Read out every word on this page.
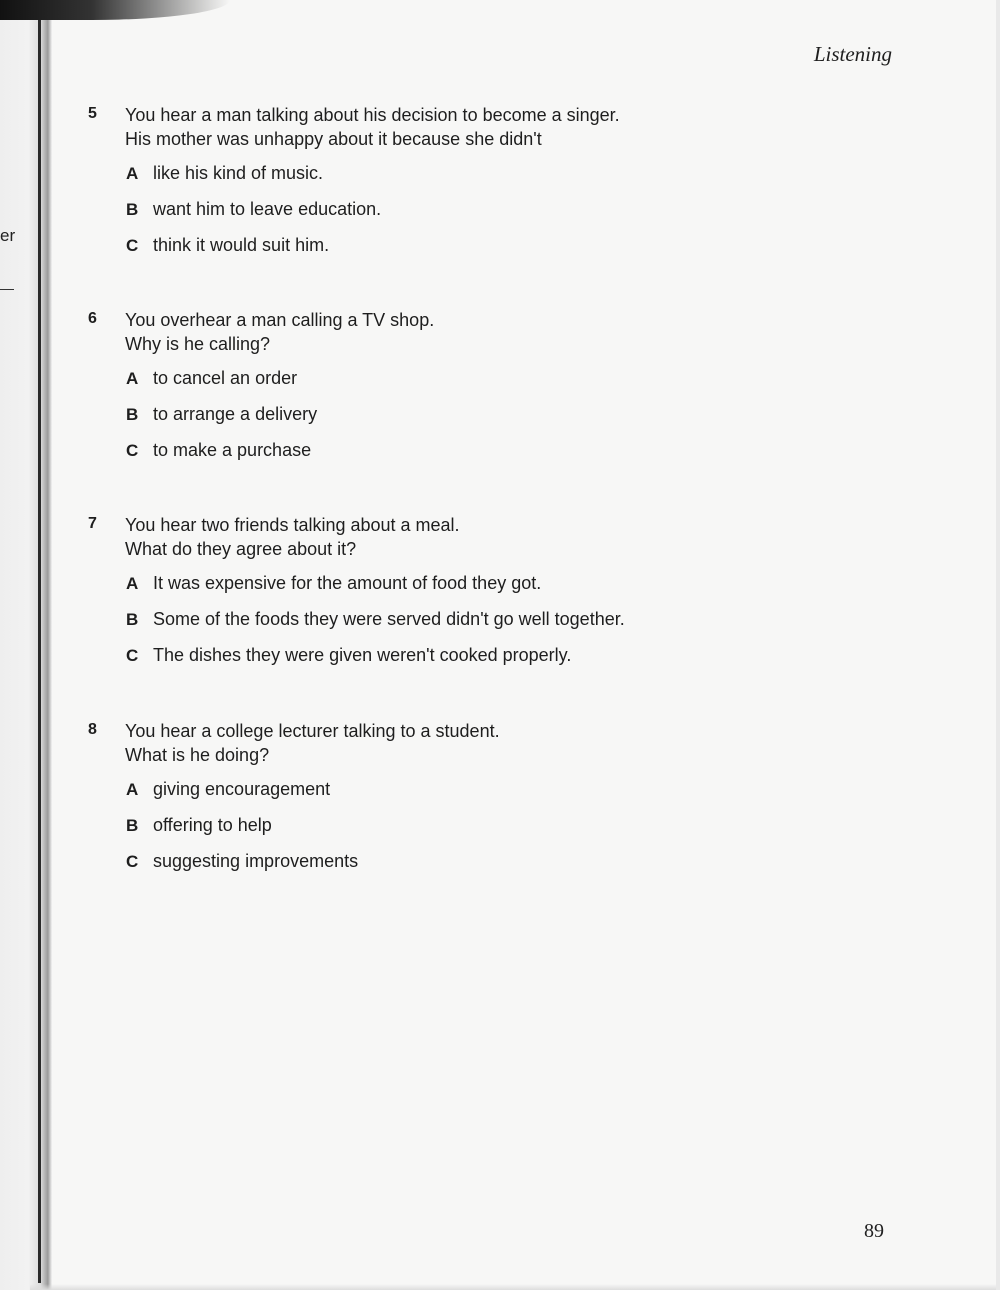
er
Listening
5 You hear a man talking about his decision to become a singer.
His mother was unhappy about it because she didn't
A like his kind of music.
B want him to leave education.
C think it would suit him.
6 You overhear a man calling a TV shop.
Why is he calling?
A to cancel an order
B to arrange a delivery
C to make a purchase
7 You hear two friends talking about a meal.
What do they agree about it?
A It was expensive for the amount of food they got.
B Some of the foods they were served didn't go well together.
C The dishes they were given weren't cooked properly.
8 You hear a college lecturer talking to a student.
What is he doing?
A giving encouragement
B offering to help
C suggesting improvements
89
